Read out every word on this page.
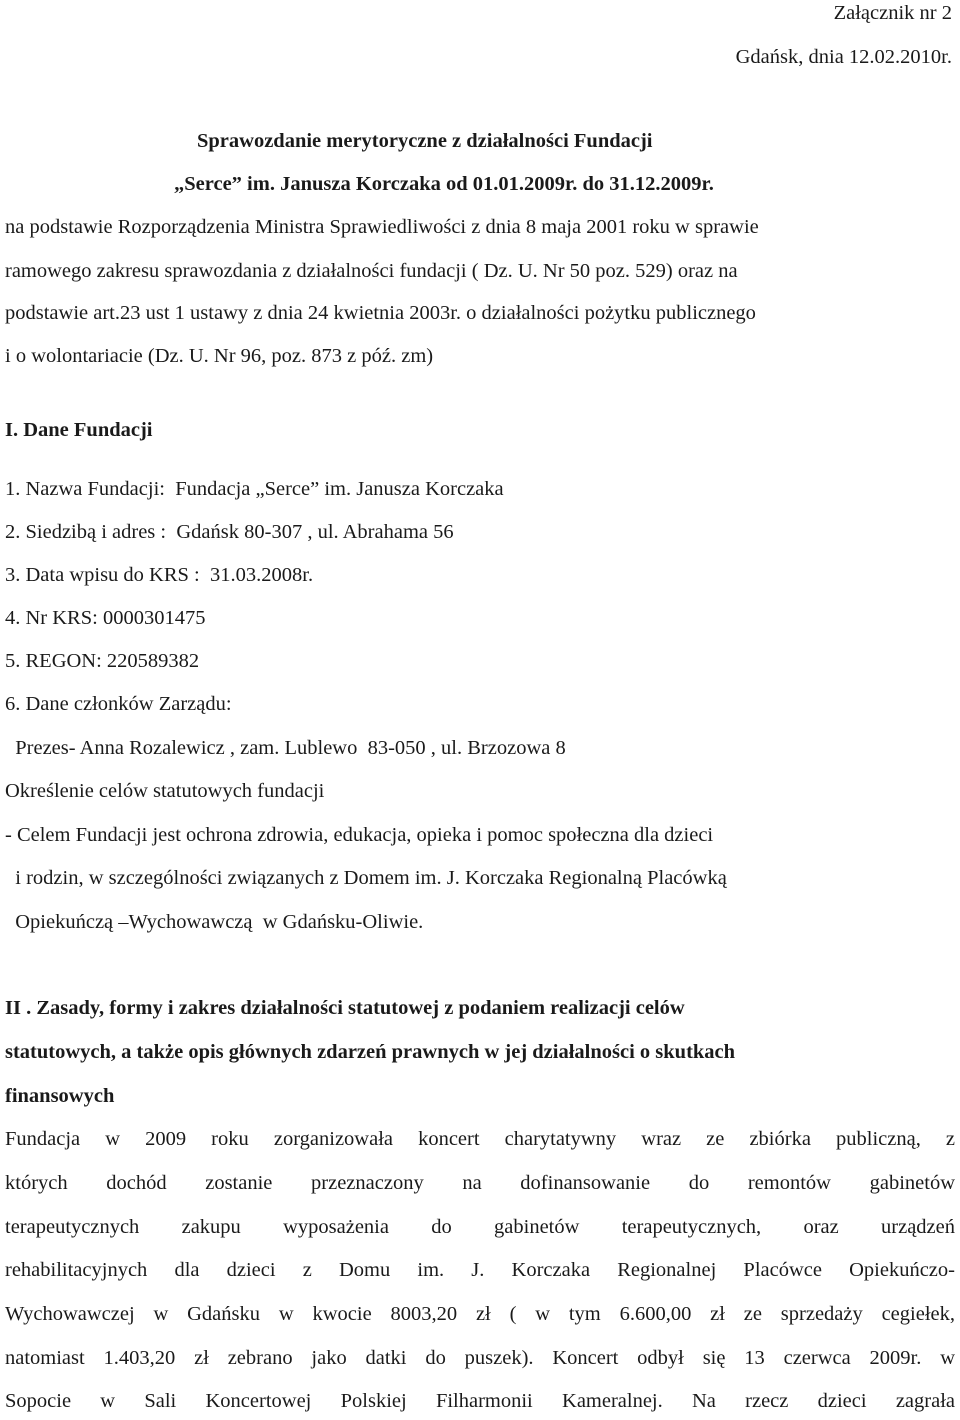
Załącznik nr 2
Gdańsk, dnia 12.02.2010r.
Sprawozdanie merytoryczne z działalności Fundacji
„Serce” im. Janusza Korczaka od 01.01.2009r. do 31.12.2009r.
na podstawie Rozporządzenia Ministra Sprawiedliwości z dnia 8 maja 2001 roku w sprawie
ramowego zakresu sprawozdania z działalności fundacji ( Dz. U. Nr 50 poz. 529) oraz na
podstawie art.23 ust 1 ustawy z dnia 24 kwietnia 2003r. o działalności pożytku publicznego
i o wolontariacie (Dz. U. Nr 96, poz. 873 z póź. zm)
I. Dane Fundacji
1. Nazwa Fundacji:  Fundacja „Serce” im. Janusza Korczaka
2. Siedzibą i adres :  Gdańsk 80-307 , ul. Abrahama 56
3. Data wpisu do KRS :  31.03.2008r.
4. Nr KRS: 0000301475
5. REGON: 220589382
6. Dane członków Zarządu:
Prezes- Anna Rozalewicz , zam. Lublewo  83-050 , ul. Brzozowa 8
Określenie celów statutowych fundacji
- Celem Fundacji jest ochrona zdrowia, edukacja, opieka i pomoc społeczna dla dzieci
i rodzin, w szczególności związanych z Domem im. J. Korczaka Regionalną Placówką
Opiekuńczą –Wychowawczą  w Gdańsku-Oliwie.
II . Zasady, formy i zakres działalności statutowej z podaniem realizacji celów
statutowych, a także opis głównych zdarzeń prawnych w jej działalności o skutkach
finansowych
Fundacja w 2009 roku zorganizowała koncert charytatywny wraz ze zbiórka publiczną, z
których dochód zostanie przeznaczony na dofinansowanie do remontów gabinetów
terapeutycznych zakupu wyposażenia do gabinetów terapeutycznych, oraz urządzeń
rehabilitacyjnych dla dzieci z Domu im. J. Korczaka Regionalnej Placówce Opiekuńczo-
Wychowawczej w Gdańsku w kwocie 8003,20 zł ( w tym 6.600,00 zł ze sprzedaży cegiełek,
natomiast 1.403,20 zł zebrano jako datki do puszek). Koncert odbył się 13 czerwca 2009r. w
Sopocie w Sali Koncertowej Polskiej Filharmonii Kameralnej. Na rzecz dzieci zagrała
